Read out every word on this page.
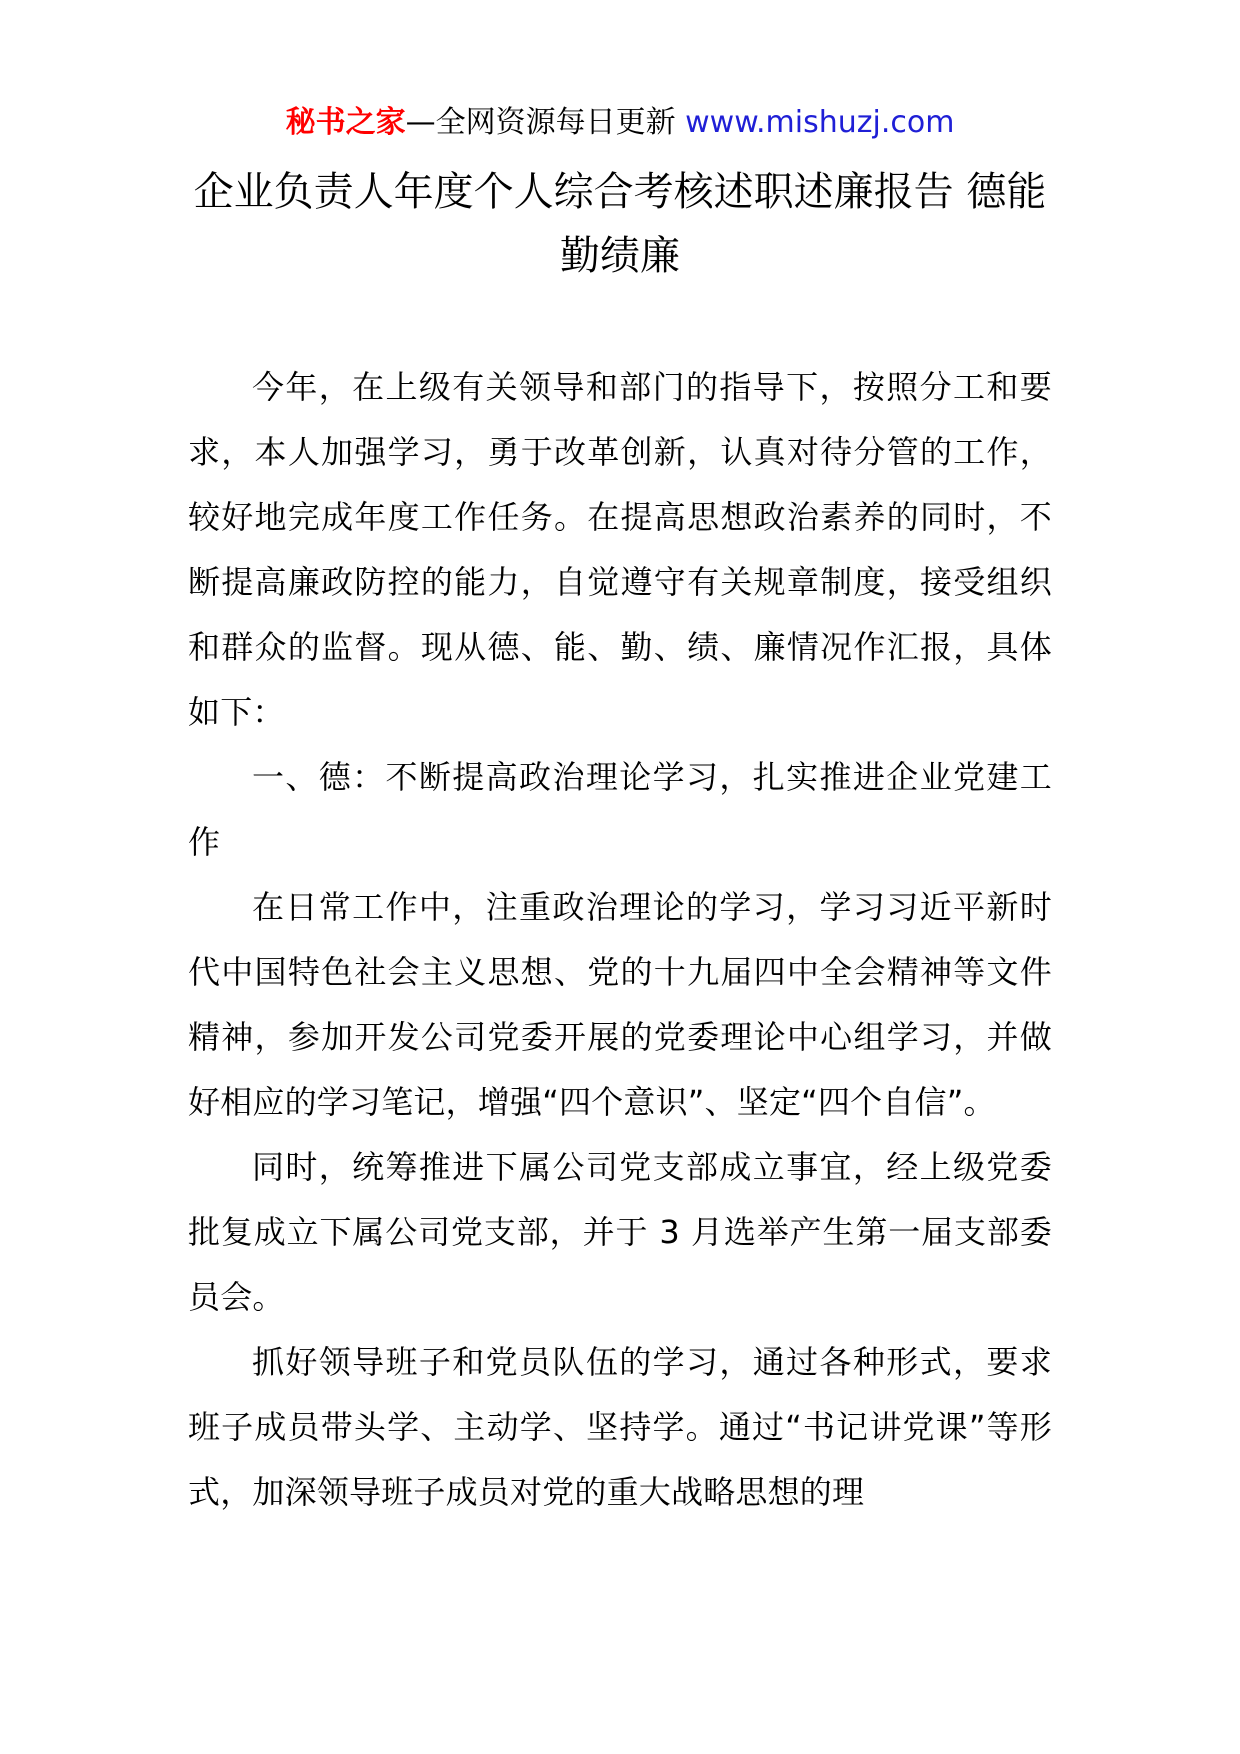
秘书之家—全网资源每日更新 www.mishuzj.com
企业负责人年度个人综合考核述职述廉报告 德能勤绩廉

今年，在上级有关领导和部门的指导下，按照分工和要求，本人加强学习，勇于改革创新，认真对待分管的工作，较好地完成年度工作任务。在提高思想政治素养的同时，不断提高廉政防控的能力，自觉遵守有关规章制度，接受组织和群众的监督。现从德、能、勤、绩、廉情况作汇报，具体如下：

一、德：不断提高政治理论学习，扎实推进企业党建工作

在日常工作中，注重政治理论的学习，学习习近平新时代中国特色社会主义思想、党的十九届四中全会精神等文件精神，参加开发公司党委开展的党委理论中心组学习，并做好相应的学习笔记，增强“四个意识”、坚定“四个自信”。

同时，统筹推进下属公司党支部成立事宜，经上级党委批复成立下属公司党支部，并于 3 月选举产生第一届支部委员会。

抓好领导班子和党员队伍的学习，通过各种形式，要求班子成员带头学、主动学、坚持学。通过“书记讲党课”等形式，加深领导班子成员对党的重大战略思想的理
